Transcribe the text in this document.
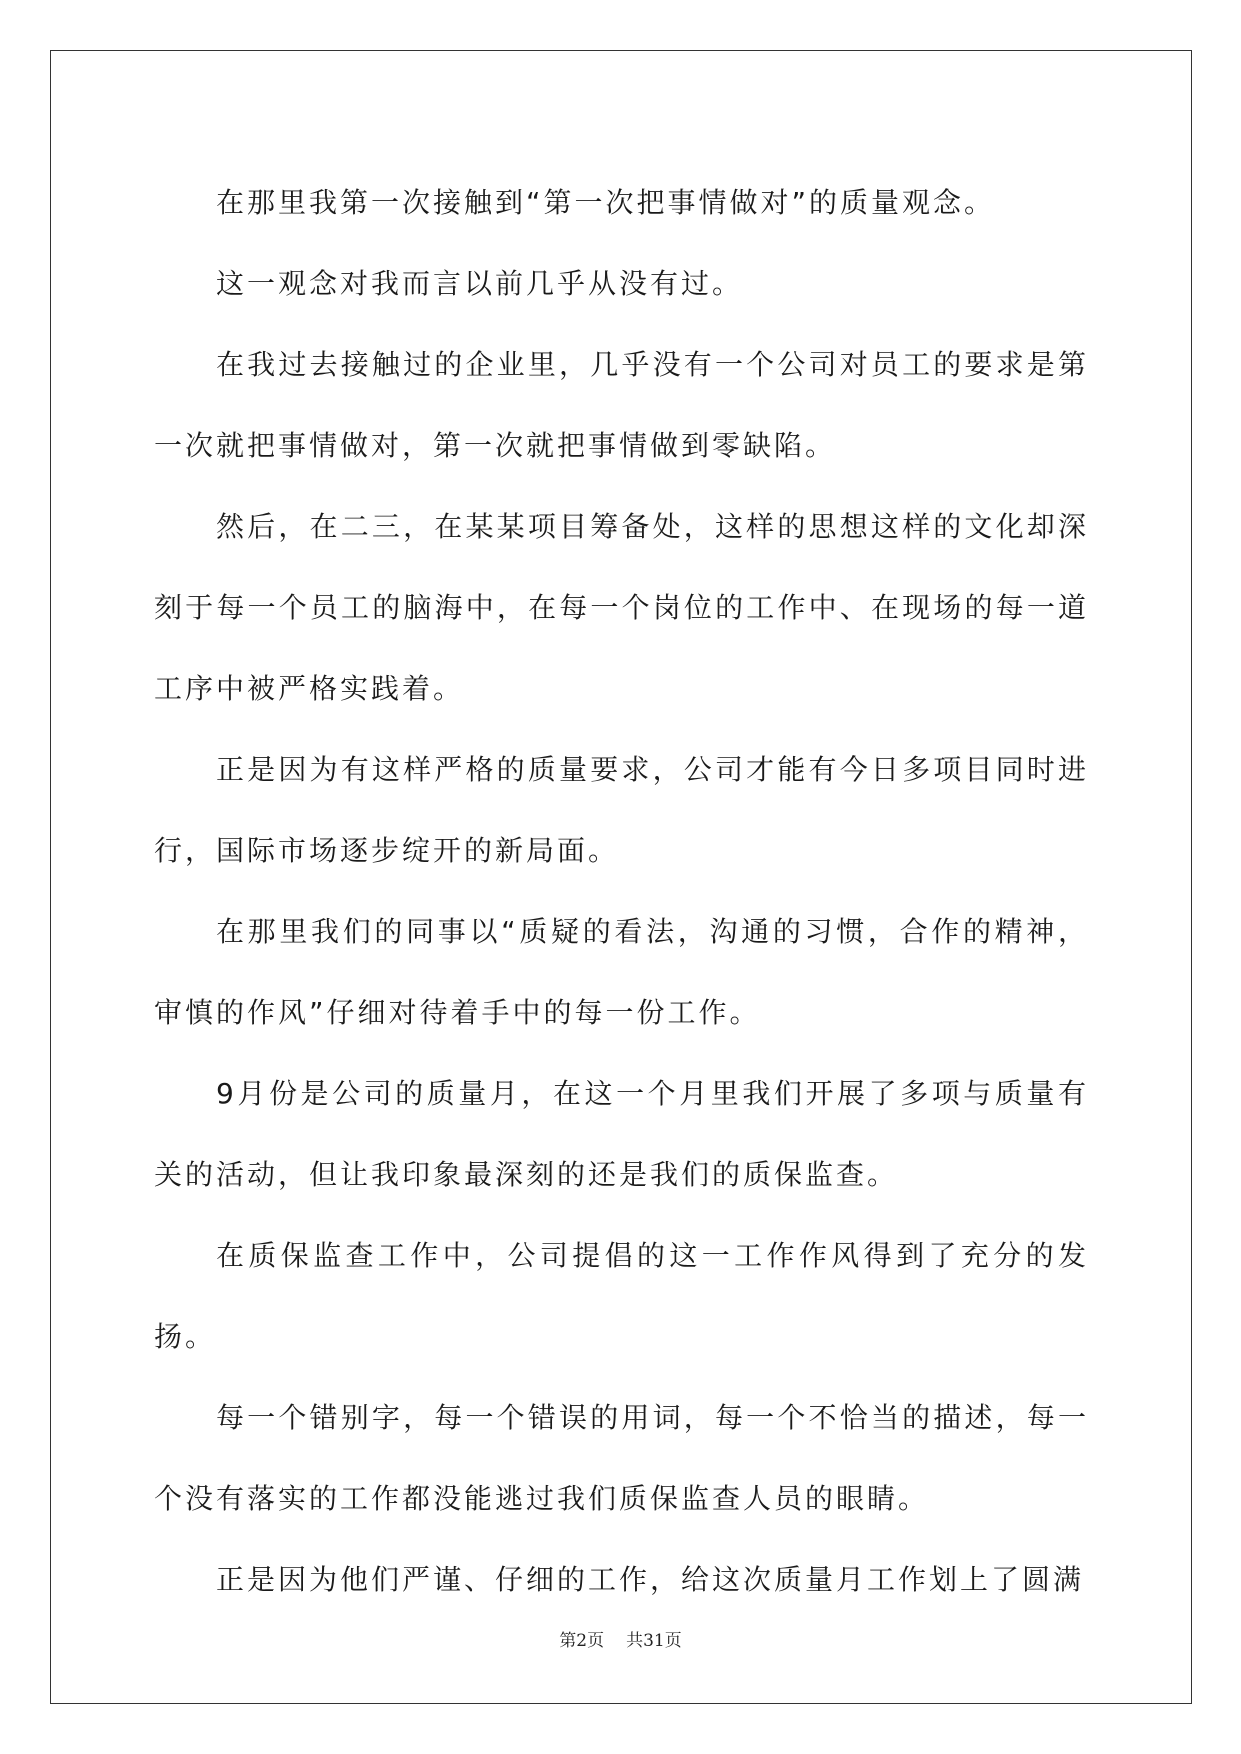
在那里我第一次接触到“第一次把事情做对”的质量观念。

这一观念对我而言以前几乎从没有过。

在我过去接触过的企业里，几乎没有一个公司对员工的要求是第一次就把事情做对，第一次就把事情做到零缺陷。

然后，在二三，在某某项目筹备处，这样的思想这样的文化却深刻于每一个员工的脑海中，在每一个岗位的工作中、在现场的每一道工序中被严格实践着。

正是因为有这样严格的质量要求，公司才能有今日多项目同时进行，国际市场逐步绽开的新局面。

在那里我们的同事以“质疑的看法，沟通的习惯，合作的精神，审慎的作风”仔细对待着手中的每一份工作。

9月份是公司的质量月，在这一个月里我们开展了多项与质量有关的活动，但让我印象最深刻的还是我们的质保监查。

在质保监查工作中，公司提倡的这一工作作风得到了充分的发扬。

每一个错别字，每一个错误的用词，每一个不恰当的描述，每一个没有落实的工作都没能逃过我们质保监查人员的眼睛。

正是因为他们严谨、仔细的工作，给这次质量月工作划上了圆满

第2页 共31页
